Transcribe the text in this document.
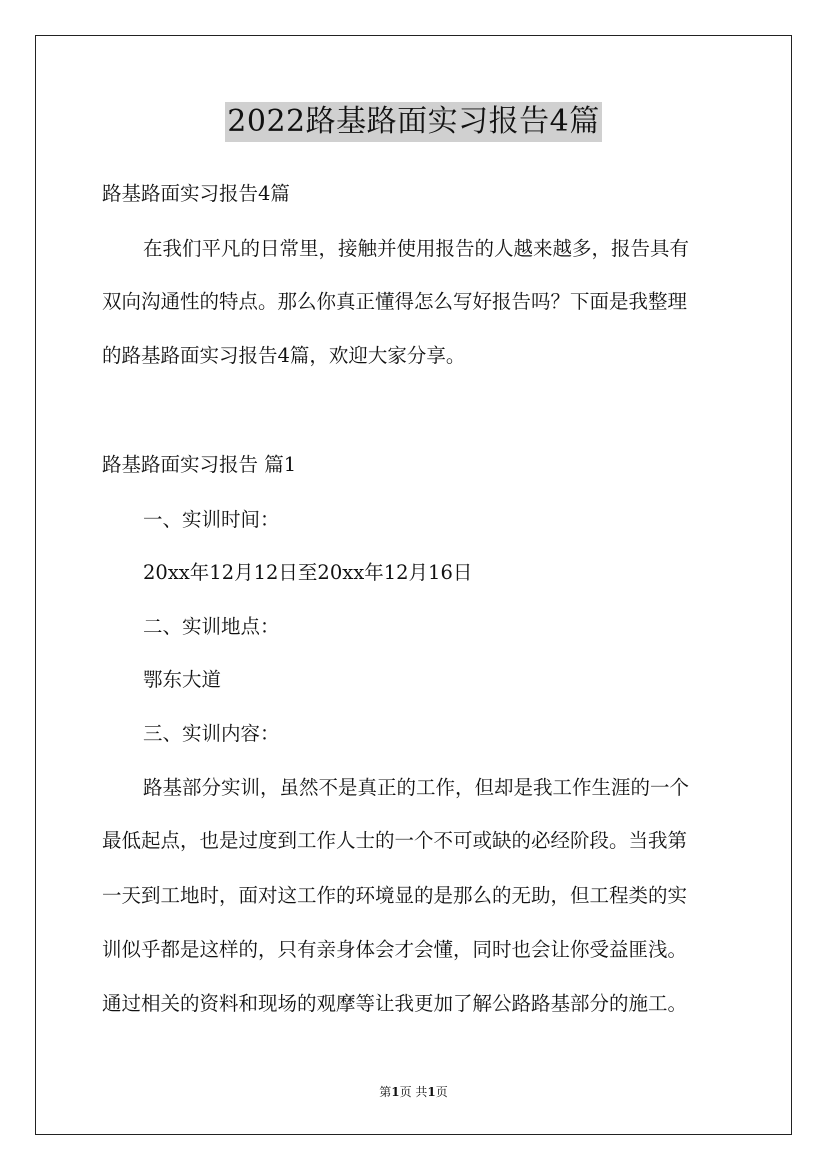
2022路基路面实习报告4篇
路基路面实习报告4篇
在我们平凡的日常里，接触并使用报告的人越来越多，报告具有
双向沟通性的特点。那么你真正懂得怎么写好报告吗？下面是我整理
的路基路面实习报告4篇，欢迎大家分享。
路基路面实习报告 篇1
一、实训时间：
20xx年12月12日至20xx年12月16日
二、实训地点：
鄂东大道
三、实训内容：
路基部分实训，虽然不是真正的工作，但却是我工作生涯的一个
最低起点，也是过度到工作人士的一个不可或缺的必经阶段。当我第
一天到工地时，面对这工作的环境显的是那么的无助，但工程类的实
训似乎都是这样的，只有亲身体会才会懂，同时也会让你受益匪浅。
通过相关的资料和现场的观摩等让我更加了解公路路基部分的施工。
第1页 共1页
